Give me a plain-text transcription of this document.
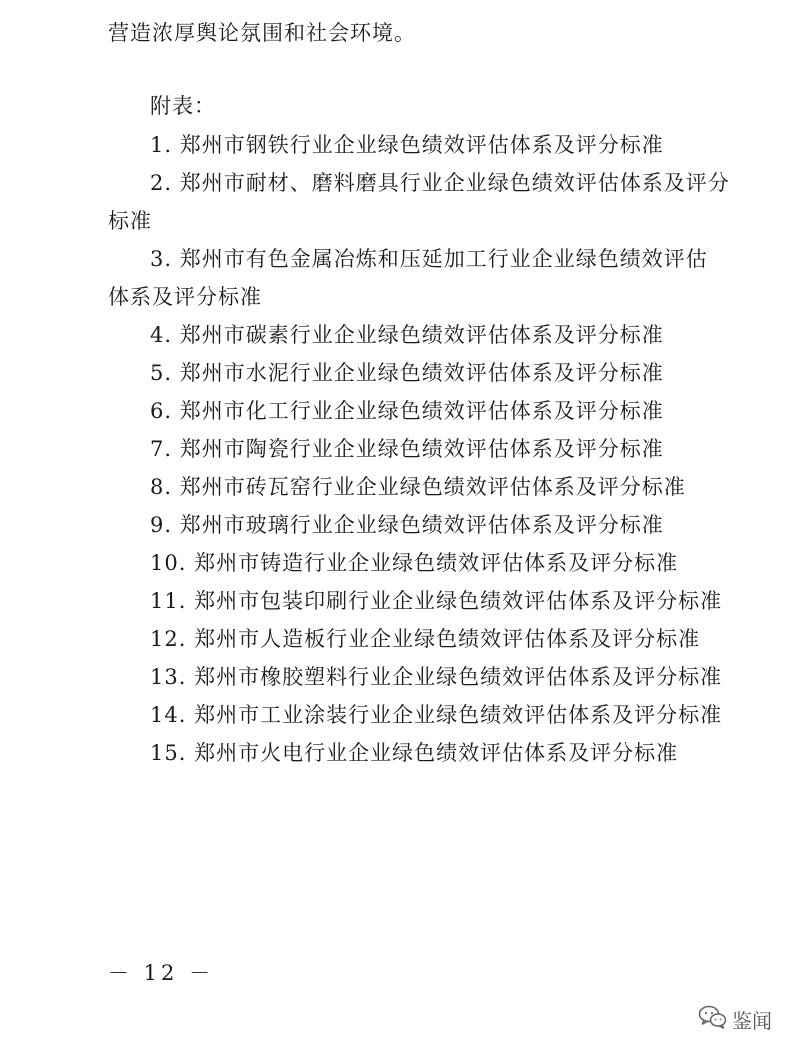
营造浓厚舆论氛围和社会环境。
附表：
1. 郑州市钢铁行业企业绿色绩效评估体系及评分标准
2. 郑州市耐材、磨料磨具行业企业绿色绩效评估体系及评分
标准
3. 郑州市有色金属冶炼和压延加工行业企业绿色绩效评估
体系及评分标准
4. 郑州市碳素行业企业绿色绩效评估体系及评分标准
5. 郑州市水泥行业企业绿色绩效评估体系及评分标准
6. 郑州市化工行业企业绿色绩效评估体系及评分标准
7. 郑州市陶瓷行业企业绿色绩效评估体系及评分标准
8. 郑州市砖瓦窑行业企业绿色绩效评估体系及评分标准
9. 郑州市玻璃行业企业绿色绩效评估体系及评分标准
10. 郑州市铸造行业企业绿色绩效评估体系及评分标准
11. 郑州市包装印刷行业企业绿色绩效评估体系及评分标准
12. 郑州市人造板行业企业绿色绩效评估体系及评分标准
13. 郑州市橡胶塑料行业企业绿色绩效评估体系及评分标准
14. 郑州市工业涂装行业企业绿色绩效评估体系及评分标准
15. 郑州市火电行业企业绿色绩效评估体系及评分标准
－ 12 －
鉴闻
